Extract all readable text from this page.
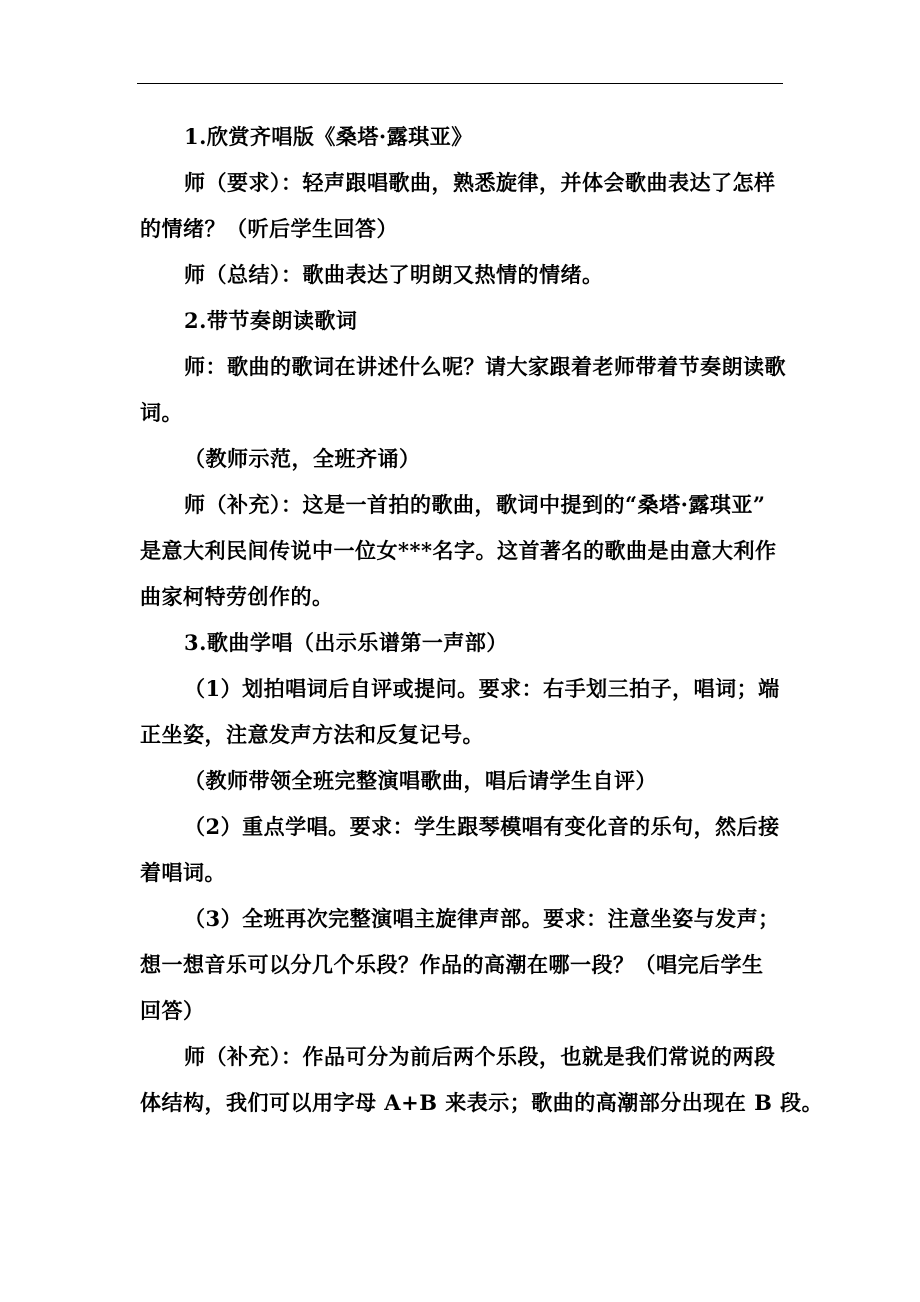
1.欣赏齐唱版《桑塔·露琪亚》

师（要求）：轻声跟唱歌曲，熟悉旋律，并体会歌曲表达了怎样

的情绪？（听后学生回答）

师（总结）：歌曲表达了明朗又热情的情绪。

2.带节奏朗读歌词

师：歌曲的歌词在讲述什么呢？请大家跟着老师带着节奏朗读歌

词。

（教师示范，全班齐诵）

师（补充）：这是一首拍的歌曲，歌词中提到的“桑塔·露琪亚”

是意大利民间传说中一位女***名字。这首著名的歌曲是由意大利作

曲家柯特劳创作的。

3.歌曲学唱（出示乐谱第一声部）

（1）划拍唱词后自评或提问。要求：右手划三拍子，唱词；端

正坐姿，注意发声方法和反复记号。

（教师带领全班完整演唱歌曲，唱后请学生自评）

（2）重点学唱。要求：学生跟琴模唱有变化音的乐句，然后接

着唱词。

（3）全班再次完整演唱主旋律声部。要求：注意坐姿与发声；

想一想音乐可以分几个乐段？作品的高潮在哪一段？（唱完后学生

回答）

师（补充）：作品可分为前后两个乐段，也就是我们常说的两段

体结构，我们可以用字母 A+B 来表示；歌曲的高潮部分出现在 B 段。
